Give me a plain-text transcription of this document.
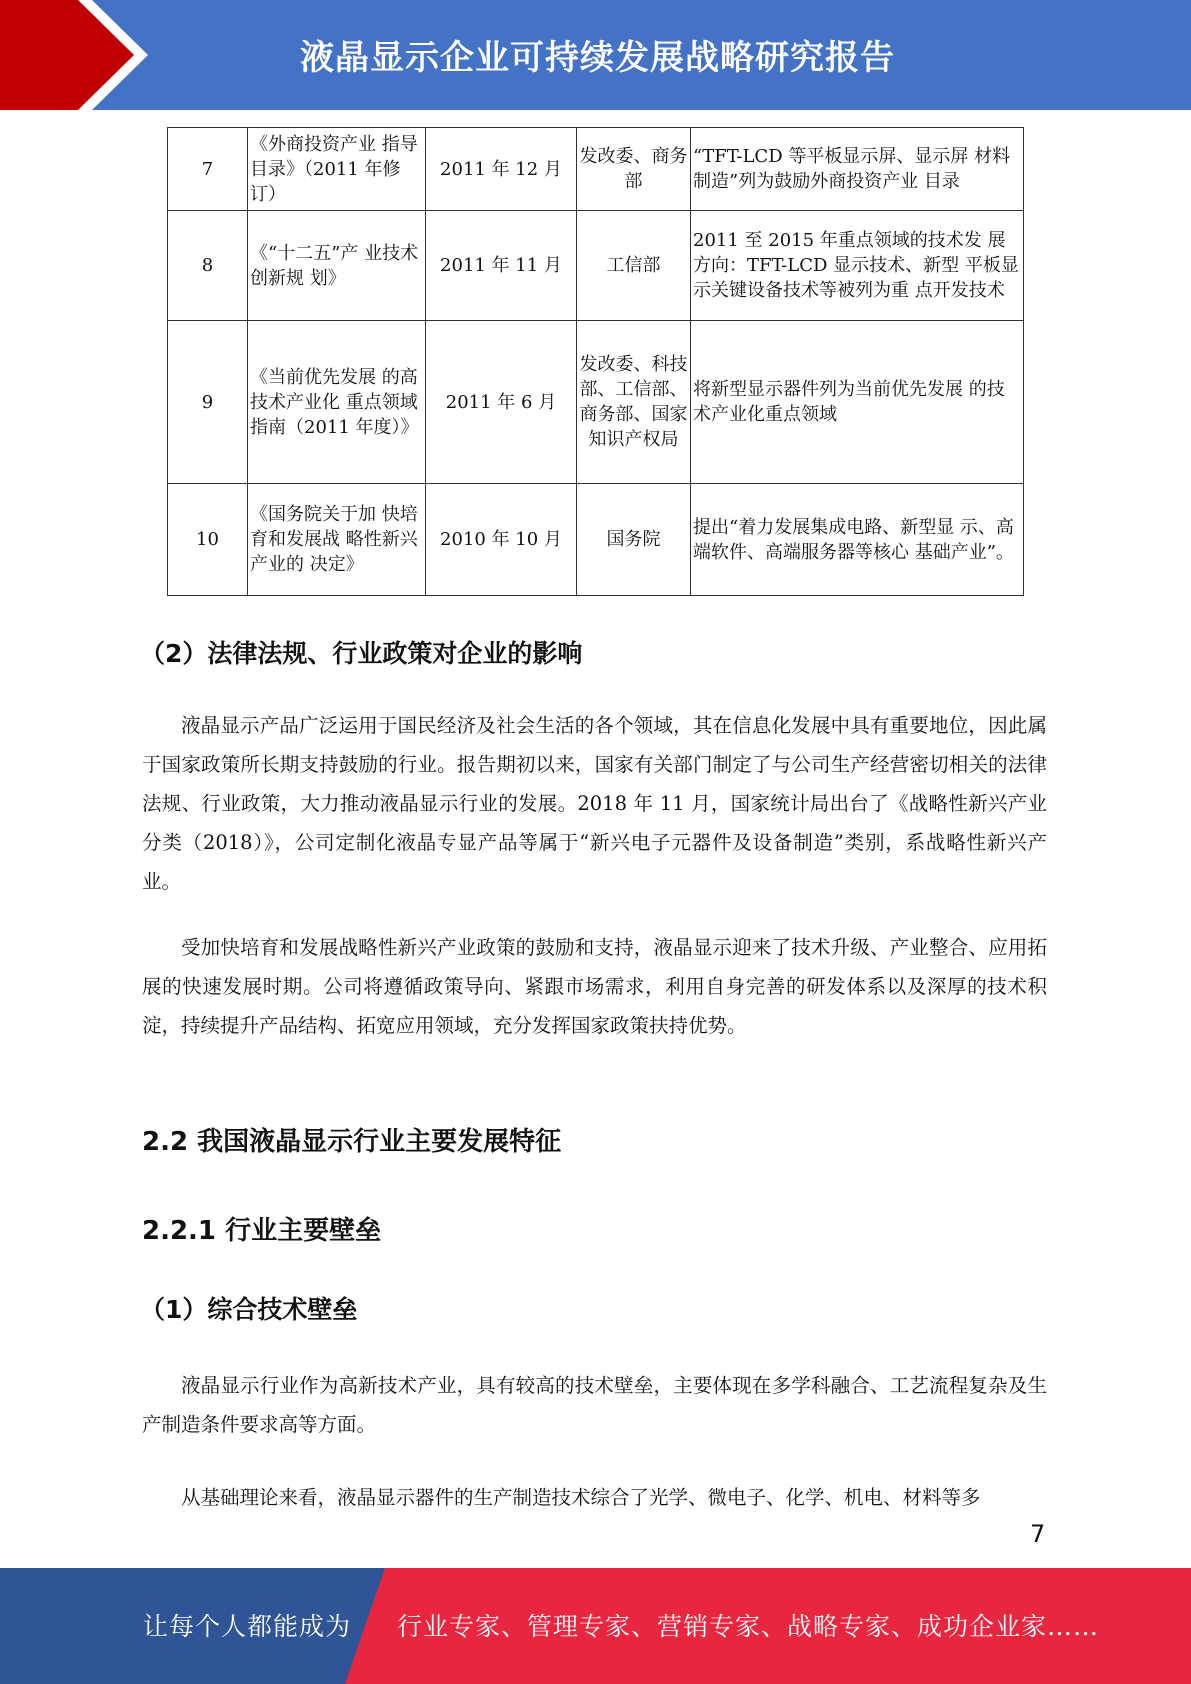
液晶显示企业可持续发展战略研究报告
7	《外商投资产业 指导目录》（2011 年修订）	2011 年 12 月	发改委、商务部	“TFT-LCD 等平板显示屏、显示屏 材料制造”列为鼓励外商投资产业 目录
8	《“十二五”产 业技术创新规 划》	2011 年 11 月	工信部	2011 至 2015 年重点领域的技术发 展方向：TFT-LCD 显示技术、新型 平板显示关键设备技术等被列为重 点开发技术
9	《当前优先发展 的高技术产业化 重点领域指南（2011 年度）》	2011 年 6 月	发改委、科技部、工信部、商务部、国家知识产权局	将新型显示器件列为当前优先发展 的技术产业化重点领域
10	《国务院关于加 快培育和发展战 略性新兴产业的 决定》	2010 年 10 月	国务院	提出“着力发展集成电路、新型显 示、高端软件、高端服务器等核心 基础产业”。
（2）法律法规、行业政策对企业的影响

液晶显示产品广泛运用于国民经济及社会生活的各个领域，其在信息化发展中具有重要地位，因此属于国家政策所长期支持鼓励的行业。报告期初以来，国家有关部门制定了与公司生产经营密切相关的法律法规、行业政策，大力推动液晶显示行业的发展。2018 年 11 月，国家统计局出台了《战略性新兴产业分类（2018）》，公司定制化液晶专显产品等属于“新兴电子元器件及设备制造”类别，系战略性新兴产业。

受加快培育和发展战略性新兴产业政策的鼓励和支持，液晶显示迎来了技术升级、产业整合、应用拓展的快速发展时期。公司将遵循政策导向、紧跟市场需求，利用自身完善的研发体系以及深厚的技术积淀，持续提升产品结构、拓宽应用领域，充分发挥国家政策扶持优势。

2.2 我国液晶显示行业主要发展特征
2.2.1 行业主要壁垒
（1）综合技术壁垒

液晶显示行业作为高新技术产业，具有较高的技术壁垒，主要体现在多学科融合、工艺流程复杂及生产制造条件要求高等方面。

从基础理论来看，液晶显示器件的生产制造技术综合了光学、微电子、化学、机电、材料等多

7
让每个人都能成为 行业专家、管理专家、营销专家、战略专家、成功企业家……
